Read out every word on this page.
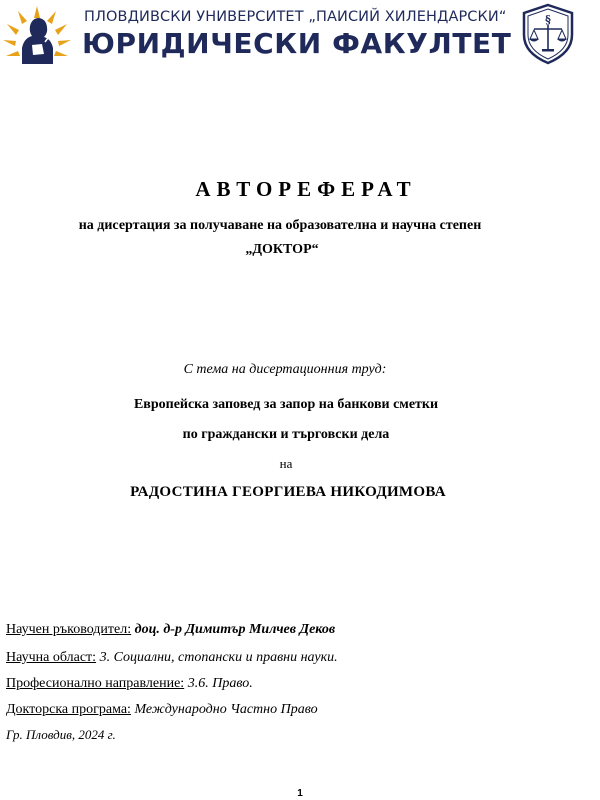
ПЛОВДИВСКИ УНИВЕРСИТЕТ „ПАИСИЙ ХИЛЕНДАРСКИ“
ЮРИДИЧЕСКИ ФАКУЛТЕТ
§
АВТОРЕФЕРАТ
на дисертация за получаване на образователна и научна степен
„ДОКТОР“
С тема на дисертационния труд:
Европейска заповед за запор на банкови сметки
по граждански и търговски дела
на
РАДОСТИНА ГЕОРГИЕВА НИКОДИМОВА
Научен ръководител: доц. д-р Димитър Милчев Деков
Научна област: 3. Социални, стопански и правни науки.
Професионално направление: 3.6. Право.
Докторска програма: Международно Частно Право
Гр. Пловдив, 2024 г.
1
